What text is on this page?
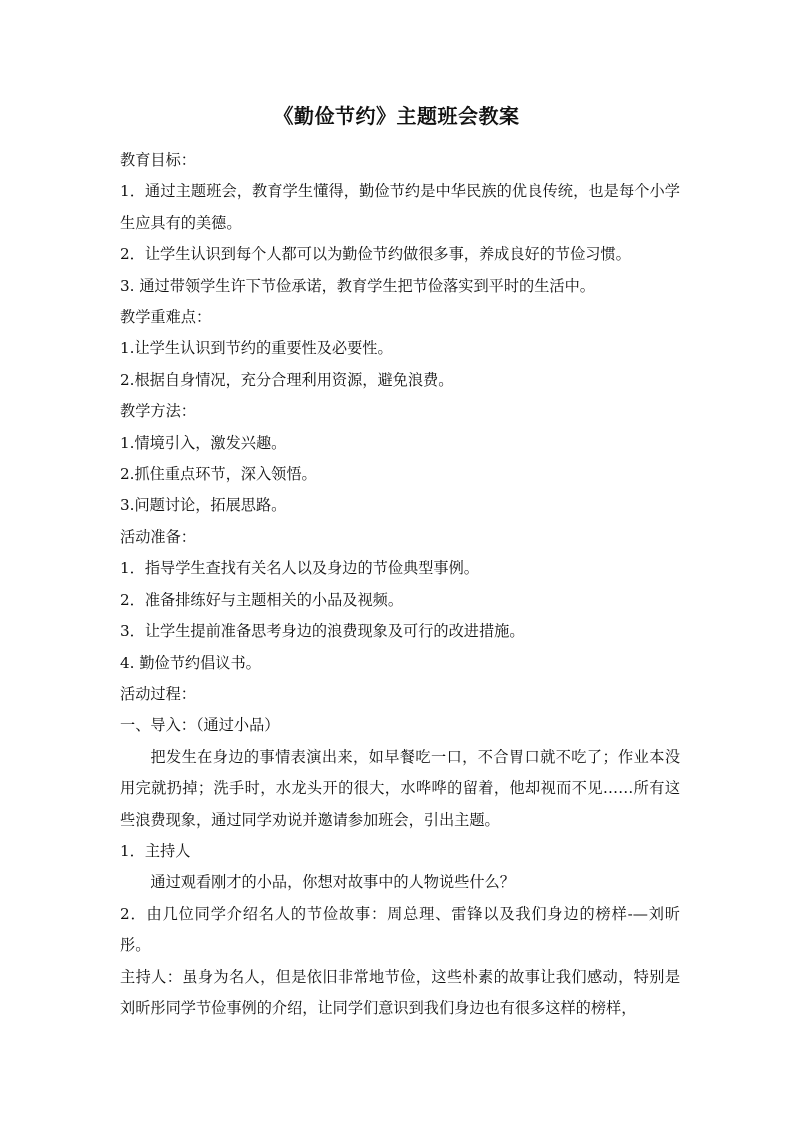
《勤俭节约》主题班会教案

教育目标：

1．通过主题班会，教育学生懂得，勤俭节约是中华民族的优良传统，也是每个小学生应具有的美德。

2．让学生认识到每个人都可以为勤俭节约做很多事，养成良好的节俭习惯。

3. 通过带领学生许下节俭承诺，教育学生把节俭落实到平时的生活中。

教学重难点：

1.让学生认识到节约的重要性及必要性。

2.根据自身情况，充分合理利用资源，避免浪费。

教学方法：

1.情境引入，激发兴趣。

2.抓住重点环节，深入领悟。

3.问题讨论，拓展思路。

活动准备：

1．指导学生查找有关名人以及身边的节俭典型事例。

2．准备排练好与主题相关的小品及视频。

3．让学生提前准备思考身边的浪费现象及可行的改进措施。

4. 勤俭节约倡议书。

活动过程：

一、导入：（通过小品）

把发生在身边的事情表演出来，如早餐吃一口，不合胃口就不吃了；作业本没用完就扔掉；洗手时，水龙头开的很大，水哗哗的留着，他却视而不见……所有这些浪费现象，通过同学劝说并邀请参加班会，引出主题。

1．主持人

通过观看刚才的小品，你想对故事中的人物说些什么？

2．由几位同学介绍名人的节俭故事：周总理、雷锋以及我们身边的榜样-—刘昕彤。

主持人：虽身为名人，但是依旧非常地节俭，这些朴素的故事让我们感动，特别是刘昕彤同学节俭事例的介绍，让同学们意识到我们身边也有很多这样的榜样，
